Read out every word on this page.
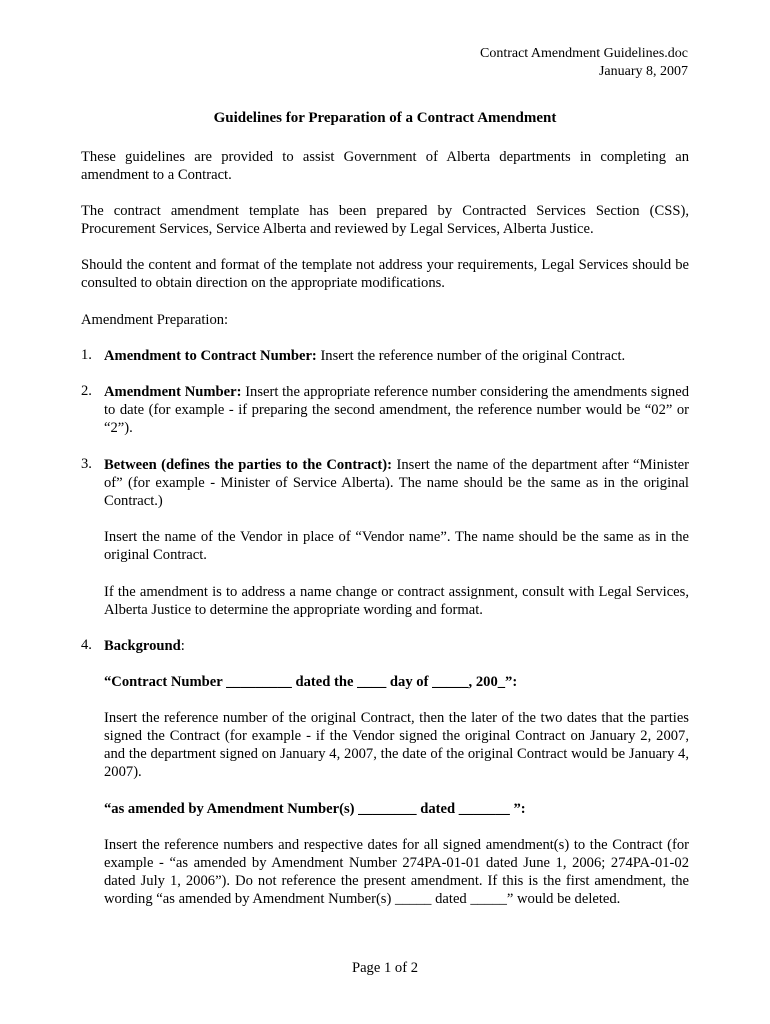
Contract Amendment Guidelines.doc
January 8, 2007
Guidelines for Preparation of a Contract Amendment

These guidelines are provided to assist Government of Alberta departments in completing an amendment to a Contract.

The contract amendment template has been prepared by Contracted Services Section (CSS), Procurement Services, Service Alberta and reviewed by Legal Services, Alberta Justice.

Should the content and format of the template not address your requirements, Legal Services should be consulted to obtain direction on the appropriate modifications.

Amendment Preparation:

1. Amendment to Contract Number: Insert the reference number of the original Contract.

2. Amendment Number: Insert the appropriate reference number considering the amendments signed to date (for example - if preparing the second amendment, the reference number would be “02” or “2”).

3. Between (defines the parties to the Contract): Insert the name of the department after “Minister of” (for example - Minister of Service Alberta). The name should be the same as in the original Contract.)

Insert the name of the Vendor in place of “Vendor name”. The name should be the same as in the original Contract.

If the amendment is to address a name change or contract assignment, consult with Legal Services, Alberta Justice to determine the appropriate wording and format.

4. Background:

“Contract Number _________ dated the ____ day of _____, 200_”:

Insert the reference number of the original Contract, then the later of the two dates that the parties signed the Contract (for example - if the Vendor signed the original Contract on January 2, 2007, and the department signed on January 4, 2007, the date of the original Contract would be January 4, 2007).

“as amended by Amendment Number(s) ________ dated _______ ”:

Insert the reference numbers and respective dates for all signed amendment(s) to the Contract (for example - “as amended by Amendment Number 274PA-01-01 dated June 1, 2006; 274PA-01-02 dated July 1, 2006”). Do not reference the present amendment. If this is the first amendment, the wording “as amended by Amendment Number(s) _____ dated _____” would be deleted.

Page 1 of 2
